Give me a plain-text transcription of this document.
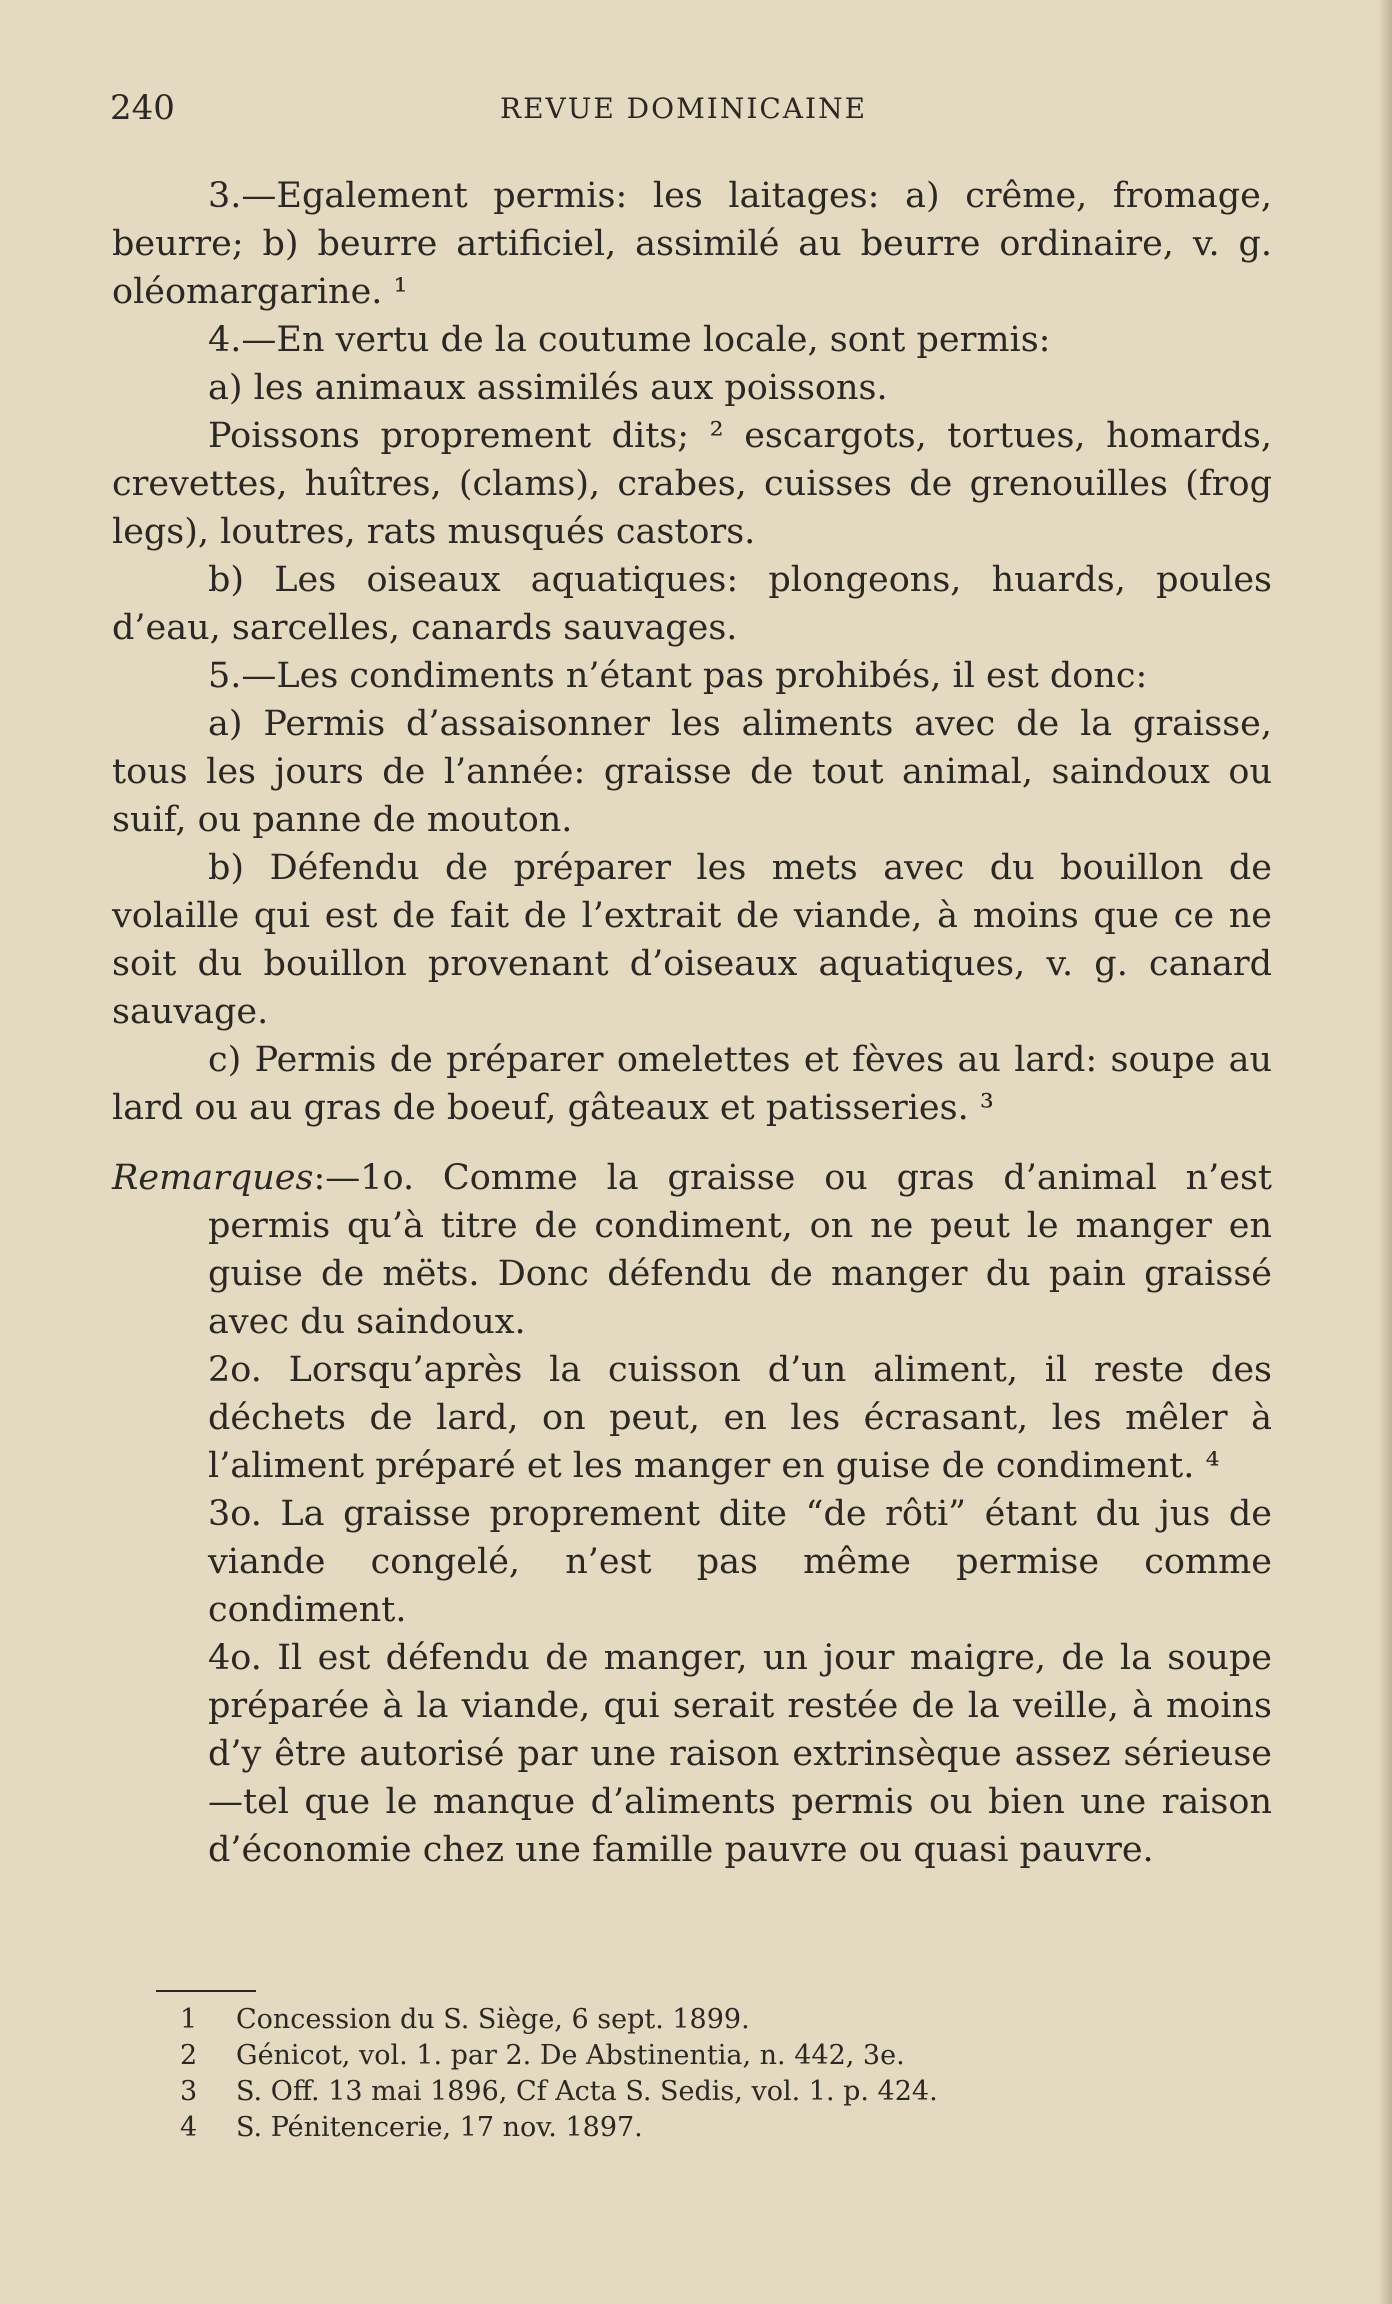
240	REVUE DOMINICAINE

3.—Egalement permis: les laitages: a) crême, fromage, beurre; b) beurre artificiel, assimilé au beurre ordinaire, v. g. oléomargarine. ¹

4.—En vertu de la coutume locale, sont permis:

a) les animaux assimilés aux poissons.

Poissons proprement dits; ² escargots, tortues, homards, crevettes, huîtres, (clams), crabes, cuisses de grenouilles (frog legs), loutres, rats musqués castors.

b) Les oiseaux aquatiques: plongeons, huards, poules d’eau, sarcelles, canards sauvages.

5.—Les condiments n’étant pas prohibés, il est donc:

a) Permis d’assaisonner les aliments avec de la graisse, tous les jours de l’année: graisse de tout animal, saindoux ou suif, ou panne de mouton.

b) Défendu de préparer les mets avec du bouillon de volaille qui est de fait de l’extrait de viande, à moins que ce ne soit du bouillon provenant d’oiseaux aquatiques, v. g. canard sauvage.

c) Permis de préparer omelettes et fèves au lard: soupe au lard ou au gras de boeuf, gâteaux et patisseries. ³

Remarques:—1o. Comme la graisse ou gras d’animal n’est permis qu’à titre de condiment, on ne peut le manger en guise de mëts. Donc défendu de manger du pain graissé avec du saindoux.

2o. Lorsqu’après la cuisson d’un aliment, il reste des déchets de lard, on peut, en les écrasant, les mêler à l’aliment préparé et les manger en guise de condiment. ⁴

3o. La graisse proprement dite “de rôti” étant du jus de viande congelé, n’est pas même permise comme condiment.

4o. Il est défendu de manger, un jour maigre, de la soupe préparée à la viande, qui serait restée de la veille, à moins d’y être autorisé par une raison extrinsèque assez sérieuse—tel que le manque d’aliments permis ou bien une raison d’économie chez une famille pauvre ou quasi pauvre.

1	Concession du S. Siège, 6 sept. 1899.
2	Génicot, vol. 1. par 2. De Abstinentia, n. 442, 3e.
3	S. Off. 13 mai 1896, Cf Acta S. Sedis, vol. 1. p. 424.
4	S. Pénitencerie, 17 nov. 1897.
